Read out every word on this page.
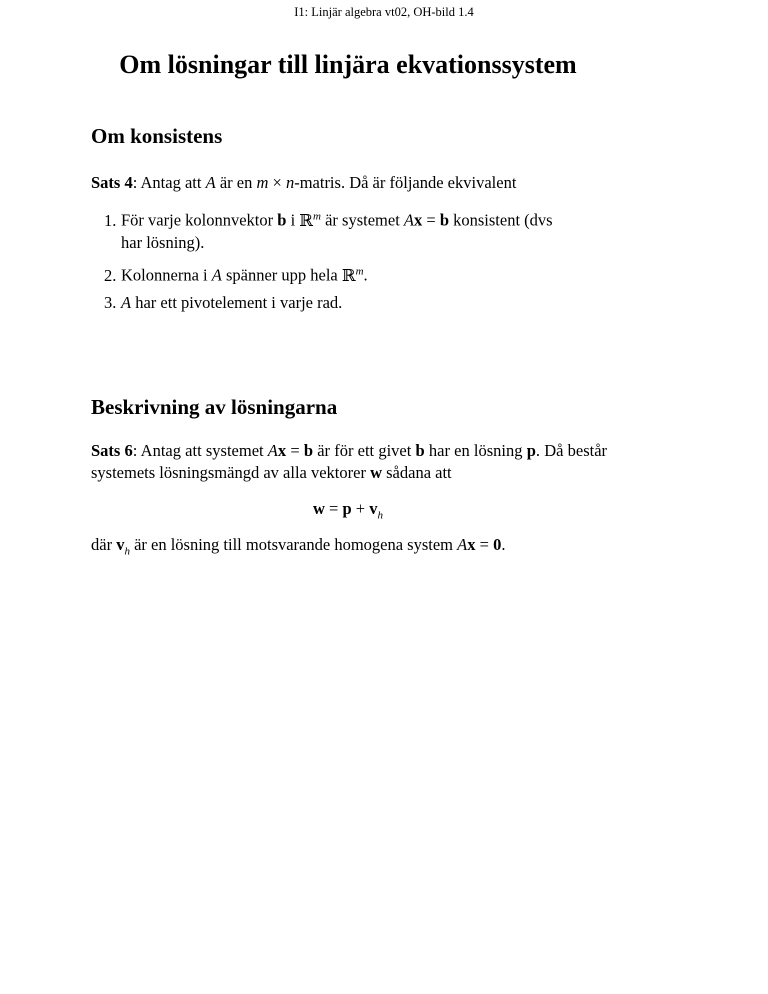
I1: Linjär algebra vt02, OH-bild 1.4
Om lösningar till linjära ekvationssystem
Om konsistens
Sats 4: Antag att A är en m × n-matris. Då är följande ekvivalent
1. För varje kolonnvektor b i ℝ$^m$ är systemet Ax = b konsistent (dvs
har lösning).
2. Kolonnerna i A spänner upp hela ℝ$^m$.
3. A har ett pivotelement i varje rad.
Beskrivning av lösningarna
Sats 6: Antag att systemet Ax = b är för ett givet b har en lösning p. Då består systemets lösningsmängd av alla vektorer w sådana att
$w = p + v_h$
där $v_h$ är en lösning till motsvarande homogena system Ax = 0.
